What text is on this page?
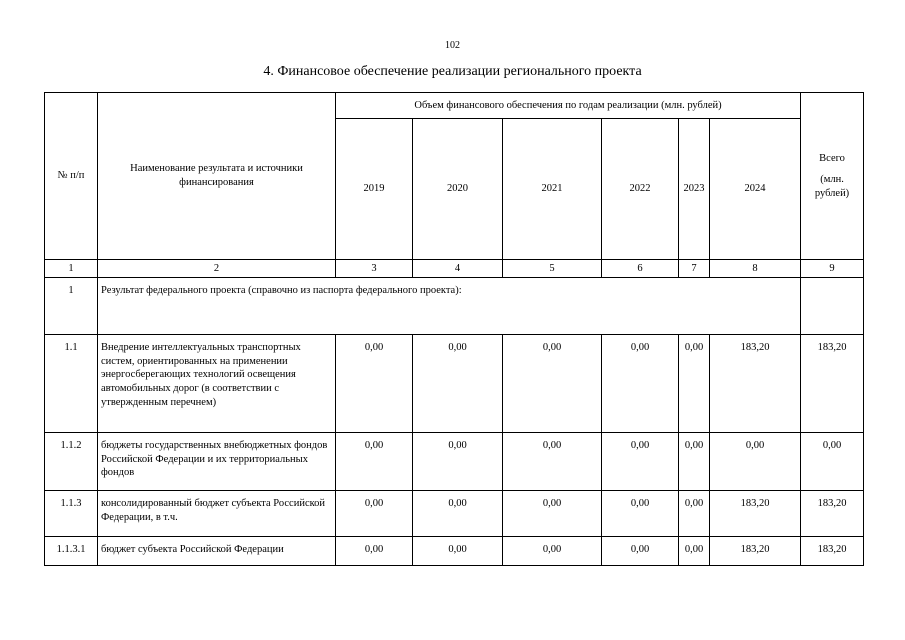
102
4. Финансовое обеспечение реализации регионального проекта
№ п/п	Наименование результата и источники финансирования	Объем финансового обеспечения по годам реализации (млн. рублей)						Всего
(млн. рублей)

		2019	2020	2021	2022	2023	2024	
1	2	3	4	5	6	7	8	9
1	Результат федерального проекта (справочно из паспорта федерального проекта):							
1.1	Внедрение интеллектуальных транспортных систем, ориентированных на применении энергосберегающих технологий освещения автомобильных дорог (в соответствии с утвержденным перечнем)	0,00	0,00	0,00	0,00	0,00	183,20	183,20
1.1.2	бюджеты государственных внебюджетных фондов Российской Федерации и их территориальных фондов	0,00	0,00	0,00	0,00	0,00	0,00	0,00
1.1.3	консолидированный бюджет субъекта Российской Федерации, в т.ч.	0,00	0,00	0,00	0,00	0,00	183,20	183,20
1.1.3.1	бюджет субъекта Российской Федерации	0,00	0,00	0,00	0,00	0,00	183,20	183,20
